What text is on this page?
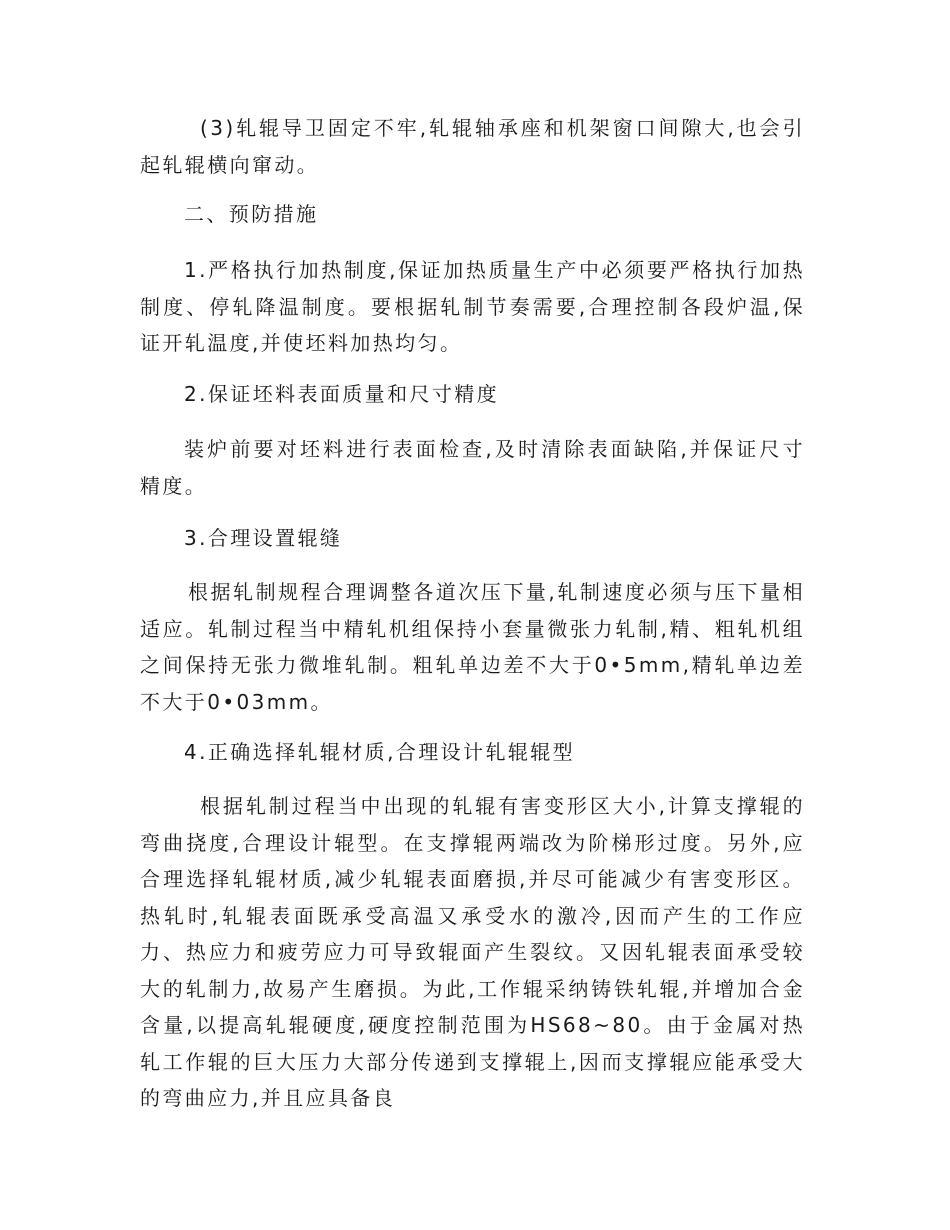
(3)轧辊导卫固定不牢,轧辊轴承座和机架窗口间隙大,也会引起轧辊横向窜动。

二、预防措施

1.严格执行加热制度,保证加热质量生产中必须要严格执行加热制度、停轧降温制度。要根据轧制节奏需要,合理控制各段炉温,保证开轧温度,并使坯料加热均匀。

2.保证坯料表面质量和尺寸精度

装炉前要对坯料进行表面检查,及时清除表面缺陷,并保证尺寸精度。

3.合理设置辊缝

根据轧制规程合理调整各道次压下量,轧制速度必须与压下量相适应。轧制过程当中精轧机组保持小套量微张力轧制,精、粗轧机组之间保持无张力微堆轧制。粗轧单边差不大于0•5mm,精轧单边差不大于0•03mm。

4.正确选择轧辊材质,合理设计轧辊辊型

根据轧制过程当中出现的轧辊有害变形区大小,计算支撑辊的弯曲挠度,合理设计辊型。在支撑辊两端改为阶梯形过度。另外,应合理选择轧辊材质,减少轧辊表面磨损,并尽可能减少有害变形区。热轧时,轧辊表面既承受高温又承受水的激冷,因而产生的工作应力、热应力和疲劳应力可导致辊面产生裂纹。又因轧辊表面承受较大的轧制力,故易产生磨损。为此,工作辊采纳铸铁轧辊,并增加合金含量,以提高轧辊硬度,硬度控制范围为HS68~80。由于金属对热轧工作辊的巨大压力大部分传递到支撑辊上,因而支撑辊应能承受大的弯曲应力,并且应具备良
